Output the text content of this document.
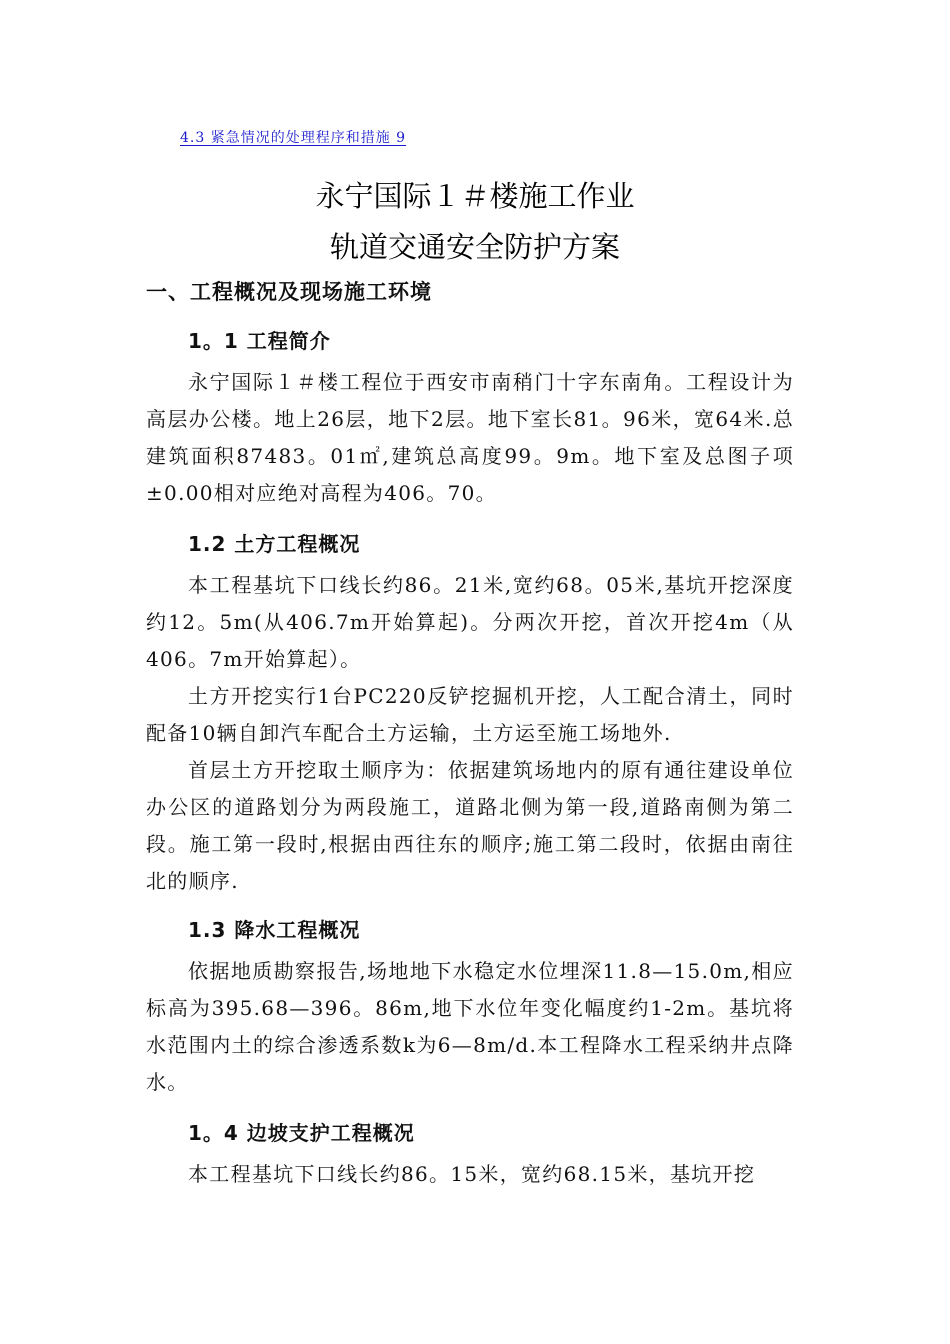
4.3 紧急情况的处理程序和措施 9
永宁国际１＃楼施工作业
轨道交通安全防护方案
一、工程概况及现场施工环境
1。1 工程简介
永宁国际１＃楼工程位于西安市南稍门十字东南角。工程设计为高层办公楼。地上26层，地下2层。地下室长81。96米，宽64米.总建筑面积87483。01㎡,建筑总高度99。9m。地下室及总图子项±0.00相对应绝对高程为406。70。
1.2 土方工程概况
本工程基坑下口线长约86。21米,宽约68。05米,基坑开挖深度约12。5m(从406.7m开始算起)。分两次开挖，首次开挖4m（从406。7m开始算起）。
土方开挖实行1台PC220反铲挖掘机开挖，人工配合清土，同时配备10辆自卸汽车配合土方运输，土方运至施工场地外.
首层土方开挖取土顺序为：依据建筑场地内的原有通往建设单位办公区的道路划分为两段施工，道路北侧为第一段,道路南侧为第二段。施工第一段时,根据由西往东的顺序;施工第二段时，依据由南往北的顺序.
1.3 降水工程概况
依据地质勘察报告,场地地下水稳定水位埋深11.8—15.0m,相应标高为395.68—396。86m,地下水位年变化幅度约1-2m。基坑将水范围内土的综合渗透系数k为6—8m/d.本工程降水工程采纳井点降水。
1。4 边坡支护工程概况
本工程基坑下口线长约86。15米，宽约68.15米，基坑开挖
